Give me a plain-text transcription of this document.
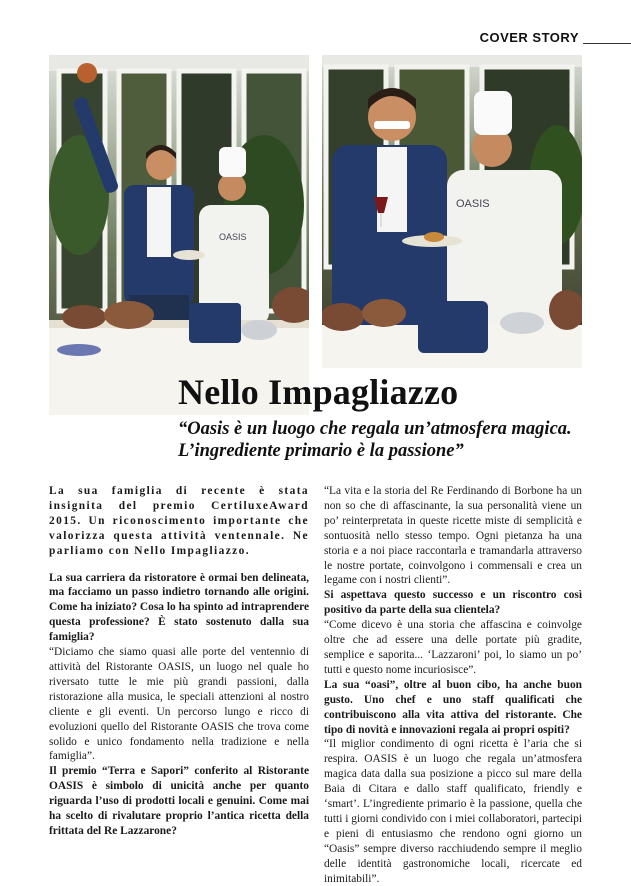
COVER STORY
OASIS
OASIS
Nello Impagliazzo
“Oasis è un luogo che regala un’atmosfera magica. L’ingrediente primario è la passione”

La sua famiglia di recente è stata insignita del premio CertiluxeAward 2015. Un riconoscimento importante che valorizza questa attività ventennale. Ne parliamo con Nello Impagliazzo.

La sua carriera da ristoratore è ormai ben delineata, ma facciamo un passo indietro tornando alle origini. Come ha iniziato? Cosa lo ha spinto ad intraprendere questa professione? È stato sostenuto dalla sua famiglia?

“Diciamo che siamo quasi alle porte del ventennio di attività del Ristorante OASIS, un luogo nel quale ho riversato tutte le mie più grandi passioni, dalla ristorazione alla musica, le speciali attenzioni al nostro cliente e gli eventi. Un percorso lungo e ricco di evoluzioni quello del Ristorante OASIS che trova come solido e unico fondamento nella tradizione e nella famiglia”.

Il premio “Terra e Sapori” conferito al Ristorante OASIS è simbolo di unicità anche per quanto riguarda l’uso di prodotti locali e genuini. Come mai ha scelto di rivalutare proprio l’antica ricetta della frittata del Re Lazzarone?

“La vita e la storia del Re Ferdinando di Borbone ha un non so che di affascinante, la sua personalità viene un po’ reinterpretata in queste ricette miste di semplicità e sontuosità nello stesso tempo. Ogni pietanza ha una storia e a noi piace raccontarla e tramandarla attraverso le nostre portate, coinvolgono i commensali e crea un legame con i nostri clienti”.

Si aspettava questo successo e un riscontro così positivo da parte della sua clientela?

“Come dicevo è una storia che affascina e coinvolge oltre che ad essere una delle portate più gradite, semplice e saporita... ‘Lazzaroni’ poi, lo siamo un po’ tutti e questo nome incuriosisce”.

La sua “oasi”, oltre al buon cibo, ha anche buon gusto. Uno chef e uno staff qualificati che contribuiscono alla vita attiva del ristorante. Che tipo di novità e innovazioni regala ai propri ospiti?

“Il miglior condimento di ogni ricetta è l’aria che si respira. OASIS è un luogo che regala un’atmosfera magica data dalla sua posizione a picco sul mare della Baia di Citara e dallo staff qualificato, friendly e ‘smart’. L’ingrediente primario è la passione, quella che tutti i giorni condivido con i miei collaboratori, partecipi e pieni di entusiasmo che rendono ogni giorno un “Oasis” sempre diverso racchiudendo sempre il meglio delle identità gastronomiche locali, ricercate ed inimitabili”.
